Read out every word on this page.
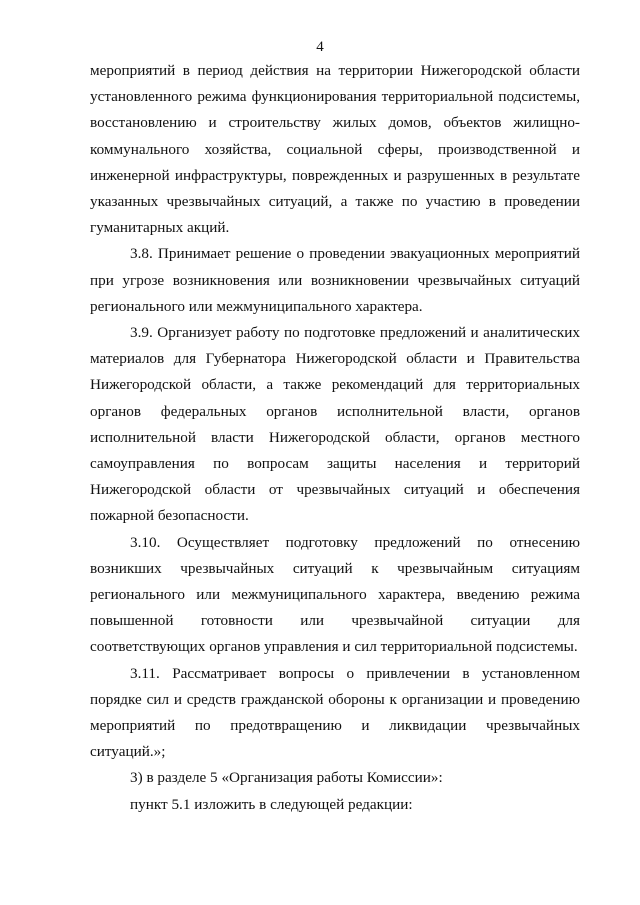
4

мероприятий в период действия на территории Нижегородской области установленного режима функционирования территориальной подсистемы, восстановлению и строительству жилых домов, объектов жилищно-коммунального хозяйства, социальной сферы, производственной и инженерной инфраструктуры, поврежденных и разрушенных в результате указанных чрезвычайных ситуаций, а также по участию в проведении гуманитарных акций.

3.8. Принимает решение о проведении эвакуационных мероприятий при угрозе возникновения или возникновении чрезвычайных ситуаций регионального или межмуниципального характера.

3.9. Организует работу по подготовке предложений и аналитических материалов для Губернатора Нижегородской области и Правительства Нижегородской области, а также рекомендаций для территориальных органов федеральных органов исполнительной власти, органов исполнительной власти Нижегородской области, органов местного самоуправления по вопросам защиты населения и территорий Нижегородской области от чрезвычайных ситуаций и обеспечения пожарной безопасности.

3.10. Осуществляет подготовку предложений по отнесению возникших чрезвычайных ситуаций к чрезвычайным ситуациям регионального или межмуниципального характера, введению режима повышенной готовности или чрезвычайной ситуации для соответствующих органов управления и сил территориальной подсистемы.

3.11. Рассматривает вопросы о привлечении в установленном порядке сил и средств гражданской обороны к организации и проведению мероприятий по предотвращению и ликвидации чрезвычайных ситуаций.»;

3) в разделе 5 «Организация работы Комиссии»:

пункт 5.1 изложить в следующей редакции:
